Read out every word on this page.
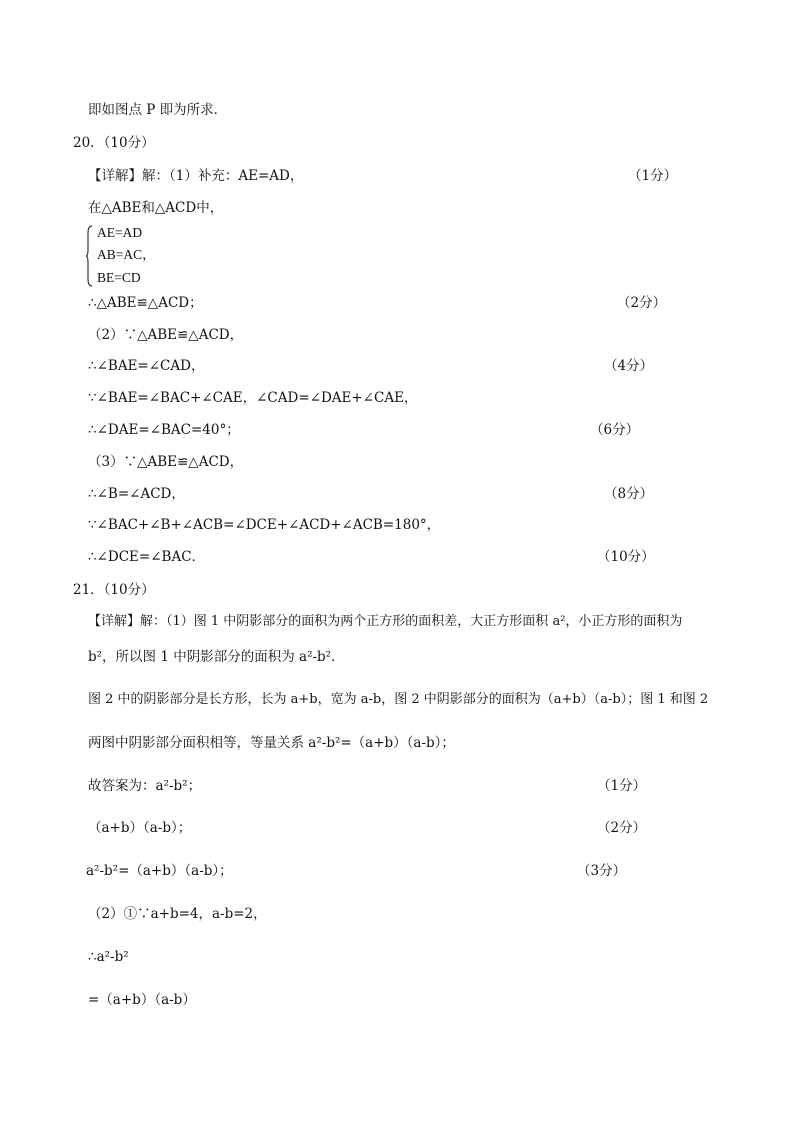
即如图点 P 即为所求．
20．（10分）
【详解】解：（1）补充：AE=AD，
在△ABE和△ACD中，
AE=AD
AB=AC，
BE=CD
∴△ABE≌△ACD；
（2）∵△ABE≌△ACD，
∴∠BAE=∠CAD，
∵∠BAE=∠BAC+∠CAE，∠CAD=∠DAE+∠CAE，
∴∠DAE=∠BAC=40°；
（3）∵△ABE≌△ACD，
∴∠B=∠ACD，
∵∠BAC+∠B+∠ACB=∠DCE+∠ACD+∠ACB=180°，
∴∠DCE=∠BAC．
21．（10分）
【详解】解：（1）图 1 中阴影部分的面积为两个正方形的面积差，大正方形面积 a²，小正方形的面积为
b²，所以图 1 中阴影部分的面积为 a²-b²．
图 2 中的阴影部分是长方形，长为 a+b，宽为 a-b，图 2 中阴影部分的面积为（a+b）（a-b）；图 1 和图 2
两图中阴影部分面积相等，等量关系 a²-b²=（a+b）（a-b）；
故答案为：a²-b²；
（a+b）（a-b）；
a²-b²=（a+b）（a-b）；
（2）①∵a+b=4，a-b=2，
∴a²-b²
=（a+b）（a-b）
（1分）
（2分）
（4分）
（6分）
（8分）
（10分）
（1分）
（2分）
（3分）
